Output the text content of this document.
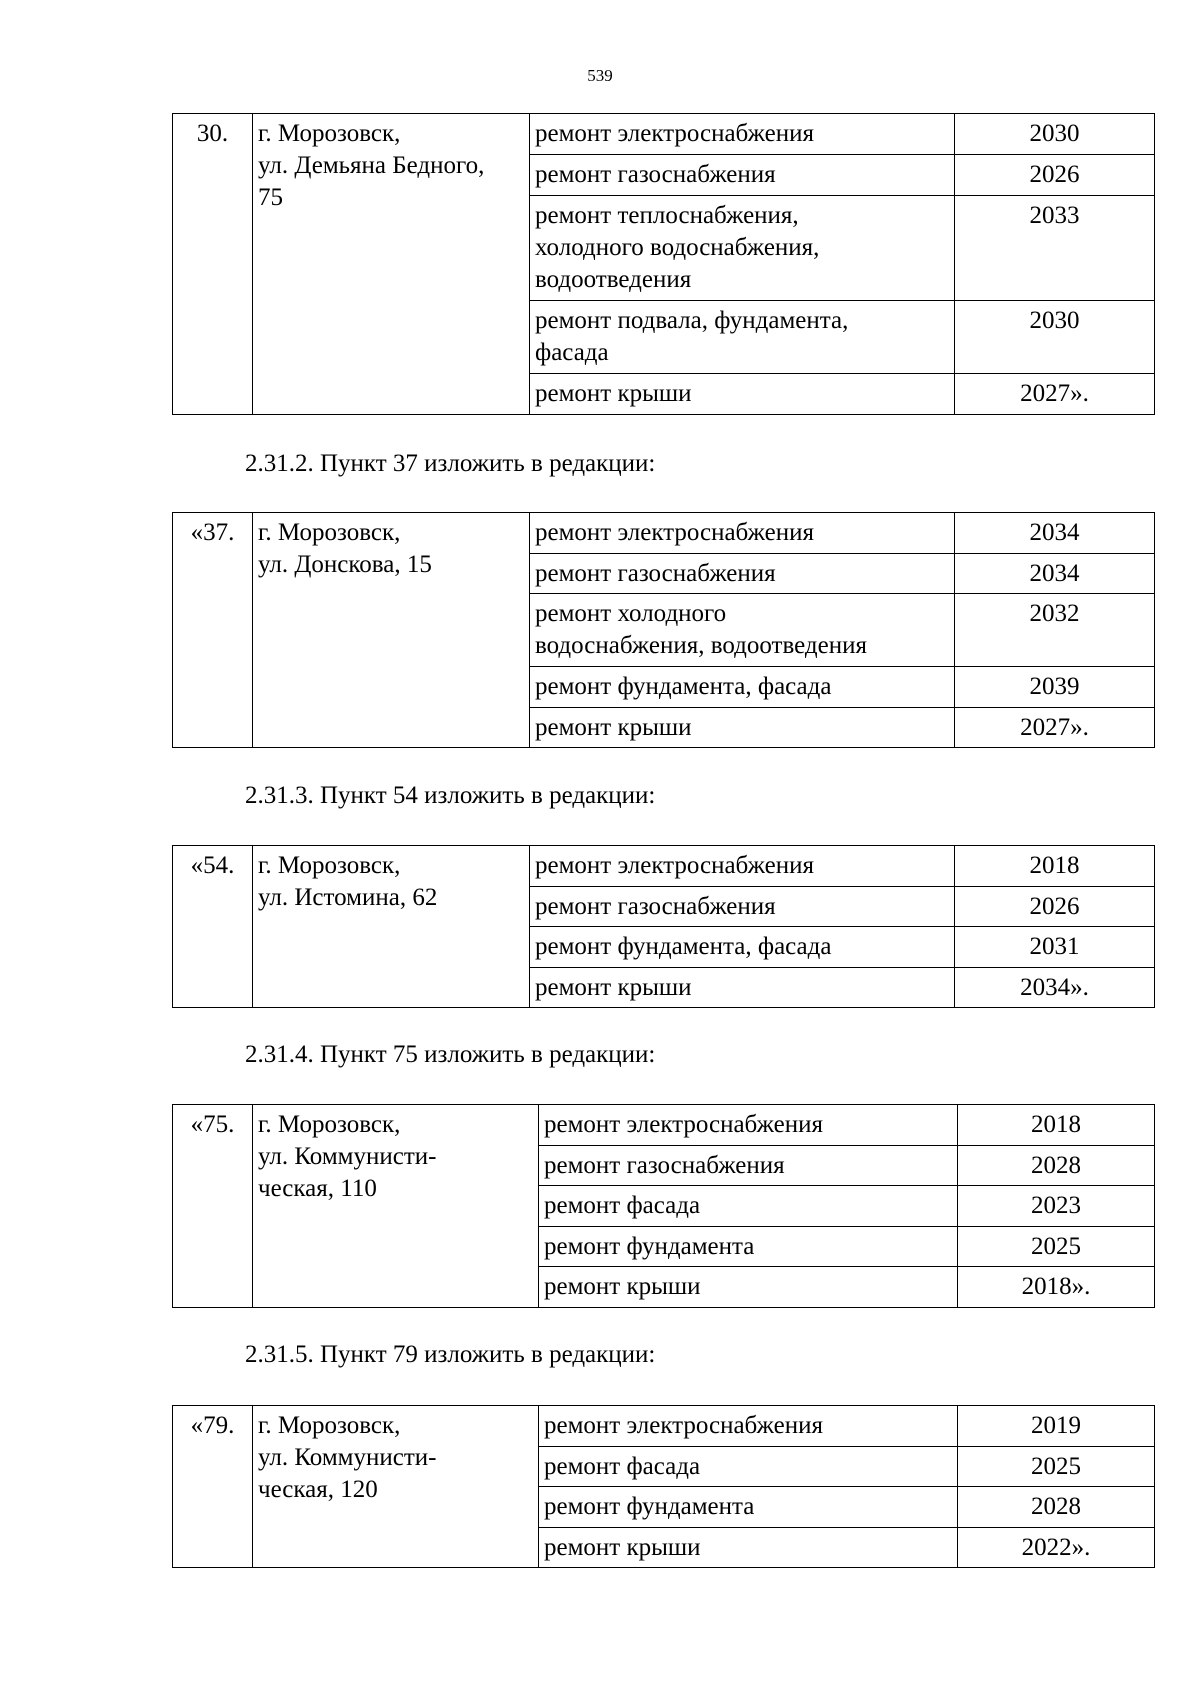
539
30.	г. Морозовск,
ул. Демьяна Бедного,
75	ремонт электроснабжения	2030
		ремонт газоснабжения	2026
		ремонт теплоснабжения,
холодного водоснабжения,
водоотведения	2033
		ремонт подвала, фундамента,
фасада	2030
		ремонт крыши	2027».
2.31.2. Пункт 37 изложить в редакции:
«37.	г. Морозовск,
ул. Донскова, 15	ремонт электроснабжения	2034
		ремонт газоснабжения	2034
		ремонт холодного
водоснабжения, водоотведения	2032
		ремонт фундамента, фасада	2039
		ремонт крыши	2027».
2.31.3. Пункт 54 изложить в редакции:
«54.	г. Морозовск,
ул. Истомина, 62	ремонт электроснабжения	2018
		ремонт газоснабжения	2026
		ремонт фундамента, фасада	2031
		ремонт крыши	2034».
2.31.4. Пункт 75 изложить в редакции:
«75.	г. Морозовск,
ул. Коммунисти-
ческая, 110	ремонт электроснабжения	2018
		ремонт газоснабжения	2028
		ремонт фасада	2023
		ремонт фундамента	2025
		ремонт крыши	2018».
2.31.5. Пункт 79 изложить в редакции:
«79.	г. Морозовск,
ул. Коммунисти-
ческая, 120	ремонт электроснабжения	2019
		ремонт фасада	2025
		ремонт фундамента	2028
		ремонт крыши	2022».
